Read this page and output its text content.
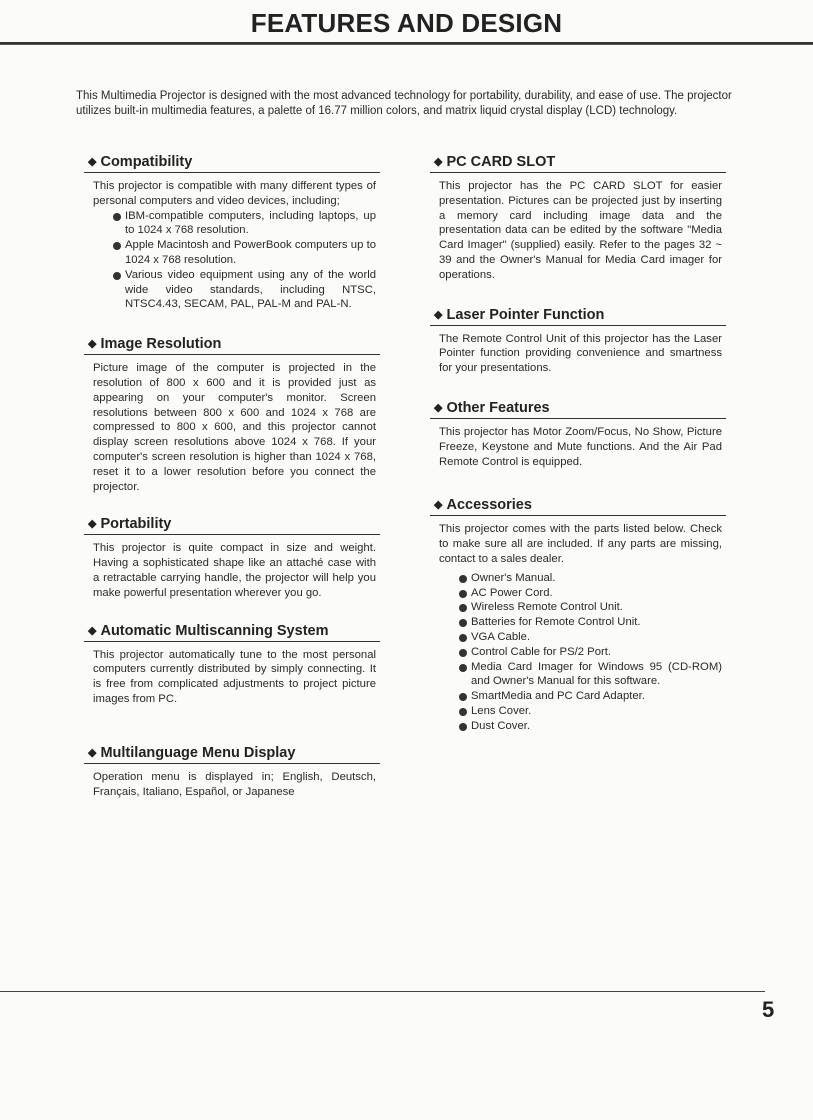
FEATURES AND DESIGN
This Multimedia Projector is designed with the most advanced technology for portability, durability, and ease of use. The projector utilizes built-in multimedia features, a palette of 16.77 million colors, and matrix liquid crystal display (LCD) technology.
◆ Compatibility
This projector is compatible with many different types of personal computers and video devices, including;
IBM-compatible computers, including laptops, up to 1024 x 768 resolution.
Apple Macintosh and PowerBook computers up to 1024 x 768 resolution.
Various video equipment using any of the world wide video standards, including NTSC, NTSC4.43, SECAM, PAL, PAL-M and PAL-N.
◆ Image Resolution
Picture image of the computer is projected in the resolution of 800 x 600 and it is provided just as appearing on your computer's monitor. Screen resolutions between 800 x 600 and 1024 x 768 are compressed to 800 x 600, and this projector cannot display screen resolutions above 1024 x 768. If your computer's screen resolution is higher than 1024 x 768, reset it to a lower resolution before you connect the projector.
◆ Portability
This projector is quite compact in size and weight. Having a sophisticated shape like an attaché case with a retractable carrying handle, the projector will help you make powerful presentation wherever you go.
◆ Automatic Multiscanning System
This projector automatically tune to the most personal computers currently distributed by simply connecting. It is free from complicated adjustments to project picture images from PC.
◆ Multilanguage Menu Display
Operation menu is displayed in; English, Deutsch, Français, Italiano, Español, or Japanese
◆ PC CARD SLOT
This projector has the PC CARD SLOT for easier presentation. Pictures can be projected just by inserting a memory card including image data and the presentation data can be edited by the software "Media Card Imager" (supplied) easily. Refer to the pages 32 ~ 39 and the Owner's Manual for Media Card imager for operations.
◆ Laser Pointer Function
The Remote Control Unit of this projector has the Laser Pointer function providing convenience and smartness for your presentations.
◆ Other Features
This projector has Motor Zoom/Focus, No Show, Picture Freeze, Keystone and Mute functions. And the Air Pad Remote Control is equipped.
◆ Accessories
This projector comes with the parts listed below. Check to make sure all are included. If any parts are missing, contact to a sales dealer.
Owner's Manual.
AC Power Cord.
Wireless Remote Control Unit.
Batteries for Remote Control Unit.
VGA Cable.
Control Cable for PS/2 Port.
Media Card Imager for Windows 95 (CD-ROM) and Owner's Manual for this software.
SmartMedia and PC Card Adapter.
Lens Cover.
Dust Cover.
5
